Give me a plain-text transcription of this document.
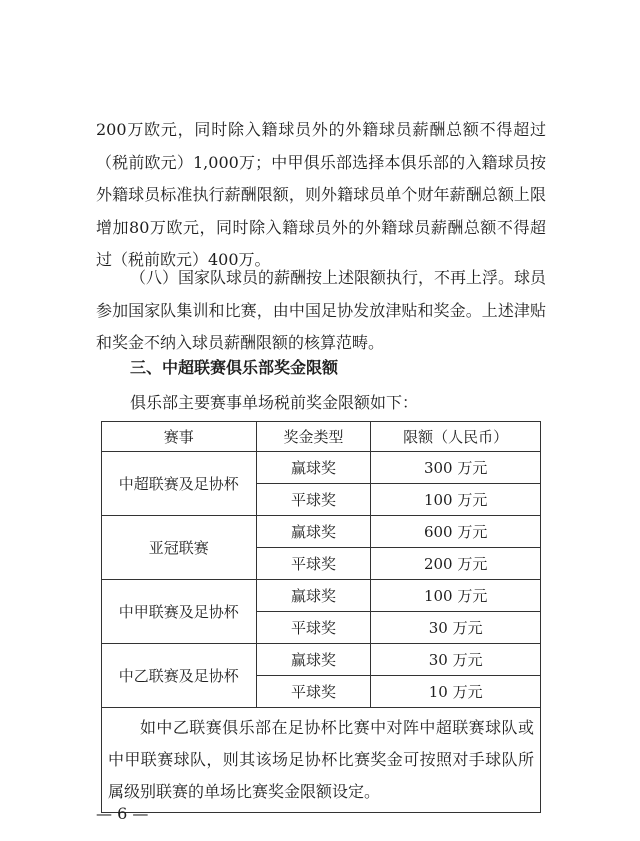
200万欧元，同时除入籍球员外的外籍球员薪酬总额不得超过（税前欧元）1,000万；中甲俱乐部选择本俱乐部的入籍球员按外籍球员标准执行薪酬限额，则外籍球员单个财年薪酬总额上限增加80万欧元，同时除入籍球员外的外籍球员薪酬总额不得超过（税前欧元）400万。

（八）国家队球员的薪酬按上述限额执行，不再上浮。球员参加国家队集训和比赛，由中国足协发放津贴和奖金。上述津贴和奖金不纳入球员薪酬限额的核算范畴。

三、中超联赛俱乐部奖金限额

俱乐部主要赛事单场税前奖金限额如下：

赛事	奖金类型	限额（人民币）
中超联赛及足协杯	赢球奖	300 万元
	平球奖	100 万元
亚冠联赛	赢球奖	600 万元
	平球奖	200 万元
中甲联赛及足协杯	赢球奖	100 万元
	平球奖	30 万元
中乙联赛及足协杯	赢球奖	30 万元
	平球奖	10 万元
如中乙联赛俱乐部在足协杯比赛中对阵中超联赛球队或中甲联赛球队，则其该场足协杯比赛奖金可按照对手球队所属级别联赛的单场比赛奖金限额设定。		
— 6 —
